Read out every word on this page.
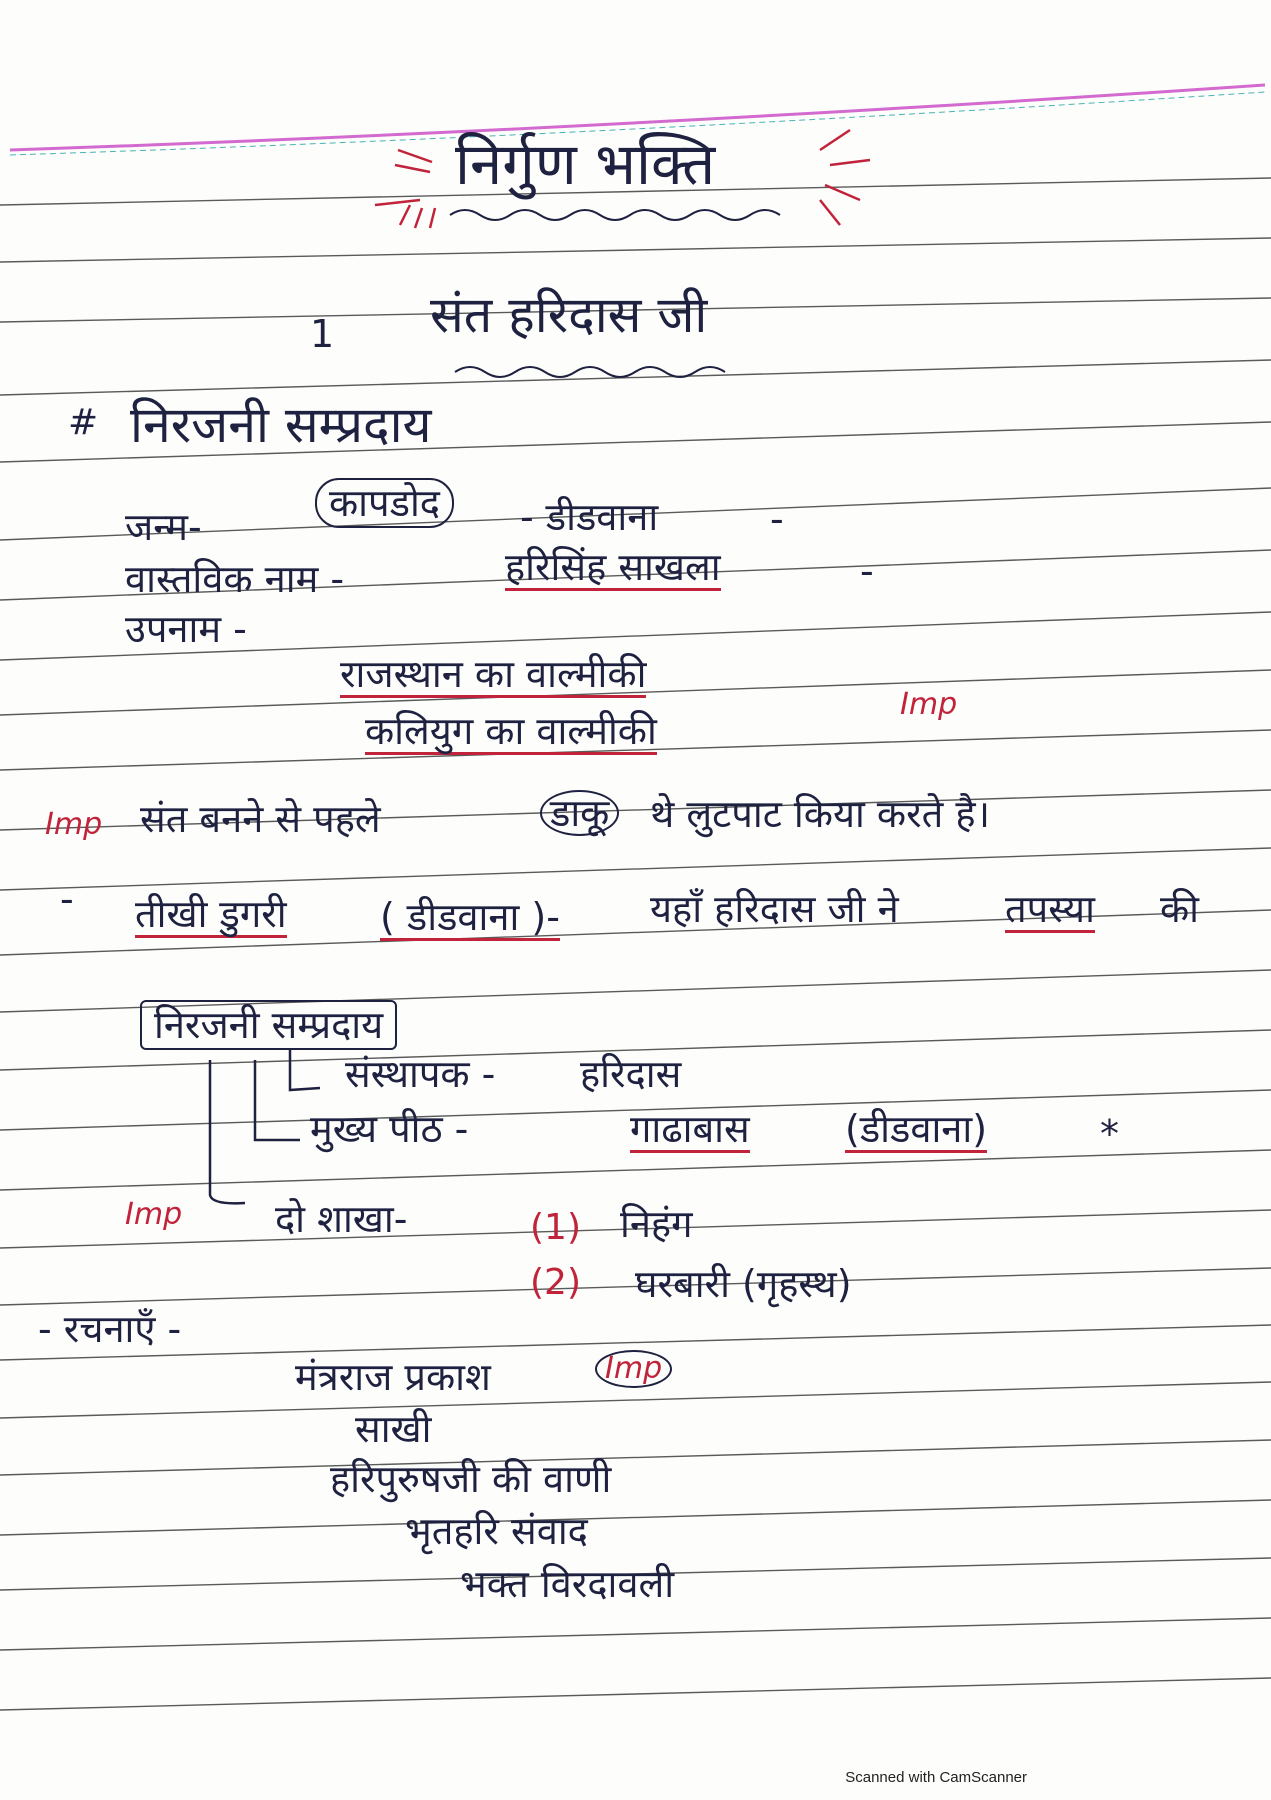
निर्गुण भक्ति
1 संत हरिदास जी
# निरजनी सम्प्रदाय
जन्म-
कापडोद	- डीडवाना	-
वास्तविक नाम -	हरिसिंह साखला	-
उपनाम -
राजस्थान का वाल्मीकी
कलियुग का वाल्मीकी
Imp
Imp संत बनने से पहले	डाकू थे लुटपाट किया करते है।
- तीखी डुगरी ( डीडवाना )- यहाँ हरिदास जी ने	तपस्या की
निरजनी सम्प्रदाय
संस्थापक - हरिदास
मुख्य पीठ -	गाढाबास	(डीडवाना)	*
Imp दो शाखा-	(1) निहंग
(2) घरबारी (गृहस्थ)
- रचनाएँ -
Imp
मंत्रराज प्रकाश
साखी
हरिपुरुषजी की वाणी
भृतहरि संवाद
भक्त विरदावली
Scanned with CamScanner
